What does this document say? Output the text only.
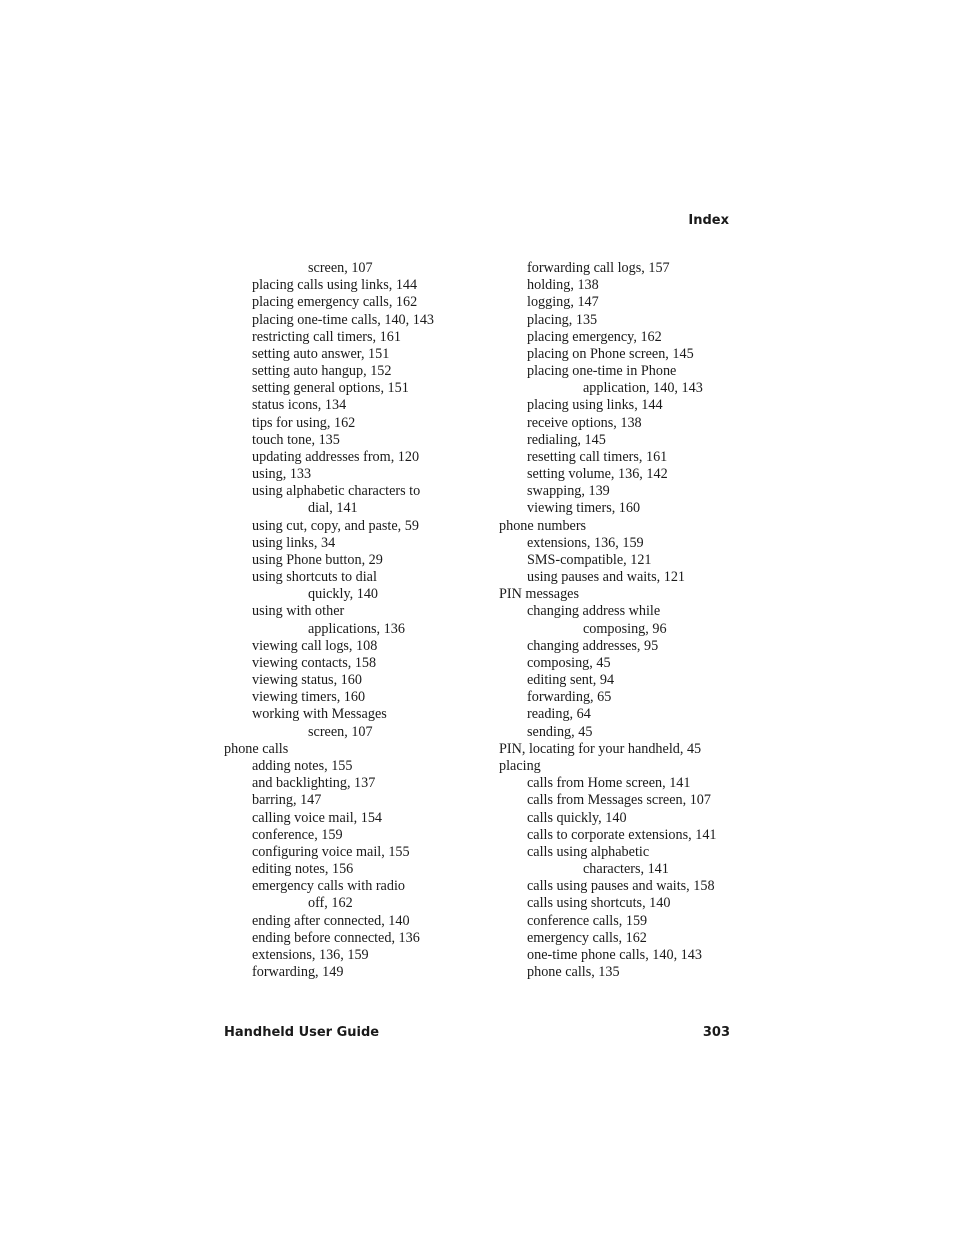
Index
screen, 107
placing calls using links, 144
placing emergency calls, 162
placing one-time calls, 140, 143
restricting call timers, 161
setting auto answer, 151
setting auto hangup, 152
setting general options, 151
status icons, 134
tips for using, 162
touch tone, 135
updating addresses from, 120
using, 133
using alphabetic characters to
dial, 141
using cut, copy, and paste, 59
using links, 34
using Phone button, 29
using shortcuts to dial
quickly, 140
using with other
applications, 136
viewing call logs, 108
viewing contacts, 158
viewing status, 160
viewing timers, 160
working with Messages
screen, 107
phone calls
adding notes, 155
and backlighting, 137
barring, 147
calling voice mail, 154
conference, 159
configuring voice mail, 155
editing notes, 156
emergency calls with radio
off, 162
ending after connected, 140
ending before connected, 136
extensions, 136, 159
forwarding, 149
forwarding call logs, 157
holding, 138
logging, 147
placing, 135
placing emergency, 162
placing on Phone screen, 145
placing one-time in Phone
application, 140, 143
placing using links, 144
receive options, 138
redialing, 145
resetting call timers, 161
setting volume, 136, 142
swapping, 139
viewing timers, 160
phone numbers
extensions, 136, 159
SMS-compatible, 121
using pauses and waits, 121
PIN messages
changing address while
composing, 96
changing addresses, 95
composing, 45
editing sent, 94
forwarding, 65
reading, 64
sending, 45
PIN, locating for your handheld, 45
placing
calls from Home screen, 141
calls from Messages screen, 107
calls quickly, 140
calls to corporate extensions, 141
calls using alphabetic
characters, 141
calls using pauses and waits, 158
calls using shortcuts, 140
conference calls, 159
emergency calls, 162
one-time phone calls, 140, 143
phone calls, 135
Handheld User Guide	303
